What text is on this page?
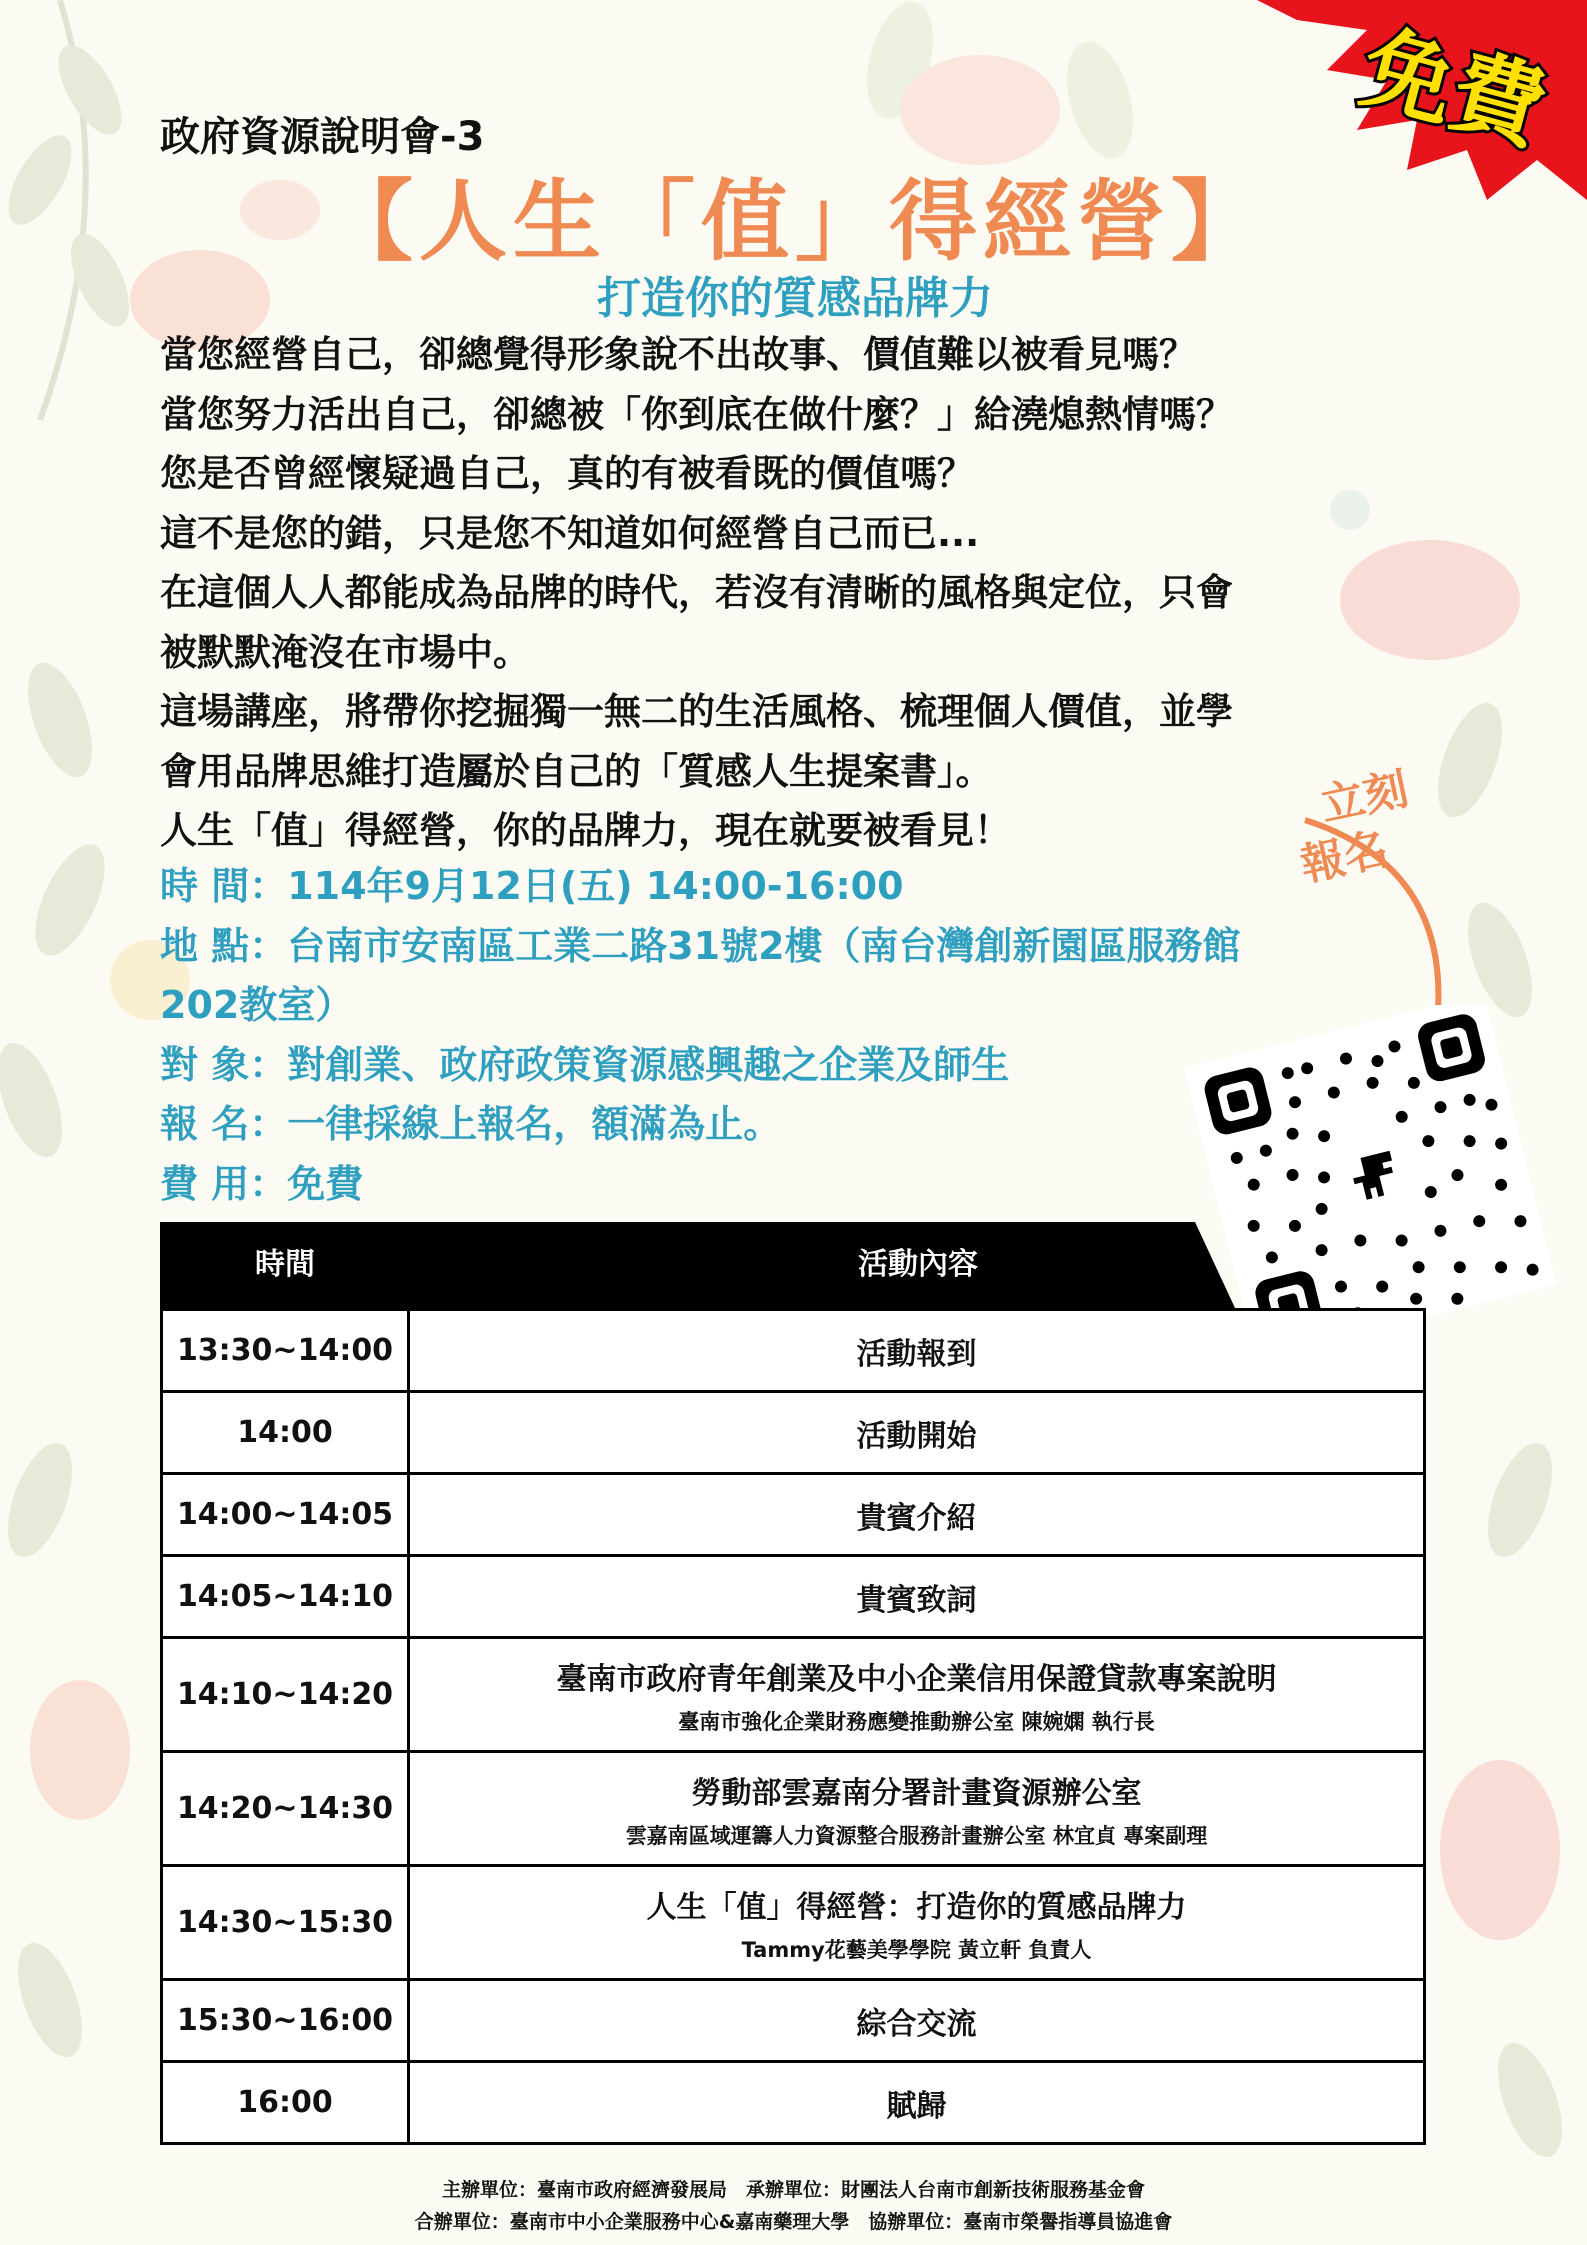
免費
政府資源說明會-3
【人生「值」得經營】
打造你的質感品牌力

當您經營自己，卻總覺得形象說不出故事、價值難以被看見嗎？

當您努力活出自己，卻總被「你到底在做什麼？」給澆熄熱情嗎？

您是否曾經懷疑過自己，真的有被看既的價值嗎？

這不是您的錯，只是您不知道如何經營自己而已...

在這個人人都能成為品牌的時代，若沒有清晰的風格與定位，只會

被默默淹沒在市場中。

這場講座，將帶你挖掘獨一無二的生活風格、梳理個人價值，並學

會用品牌思維打造屬於自己的「質感人生提案書」。

人生「值」得經營，你的品牌力，現在就要被看見！

時 間：114年9月12日(五) 14:00-16:00

地 點：台南市安南區工業二路31號2樓（南台灣創新園區服務館

202教室）

對 象：對創業、政府政策資源感興趣之企業及師生

報 名：一律採線上報名，額滿為止。

費 用：免費

立刻
報名
時間	活動內容
13:30~14:00	活動報到
14:00	活動開始
14:00~14:05	貴賓介紹
14:05~14:10	貴賓致詞
14:10~14:20	臺南市政府青年創業及中小企業信用保證貸款專案說明
臺南市強化企業財務應變推動辦公室 陳婉嫻 執行長

14:20~14:30	勞動部雲嘉南分署計畫資源辦公室
雲嘉南區域運籌人力資源整合服務計畫辦公室 林宜貞 專案副理

14:30~15:30	人生「值」得經營：打造你的質感品牌力
Tammy花藝美學學院 黃立軒 負責人

15:30~16:00	綜合交流
16:00	賦歸

主辦單位：臺南市政府經濟發展局　承辦單位：財團法人台南市創新技術服務基金會

合辦單位：臺南市中小企業服務中心&嘉南藥理大學　協辦單位：臺南市榮譽指導員協進會
